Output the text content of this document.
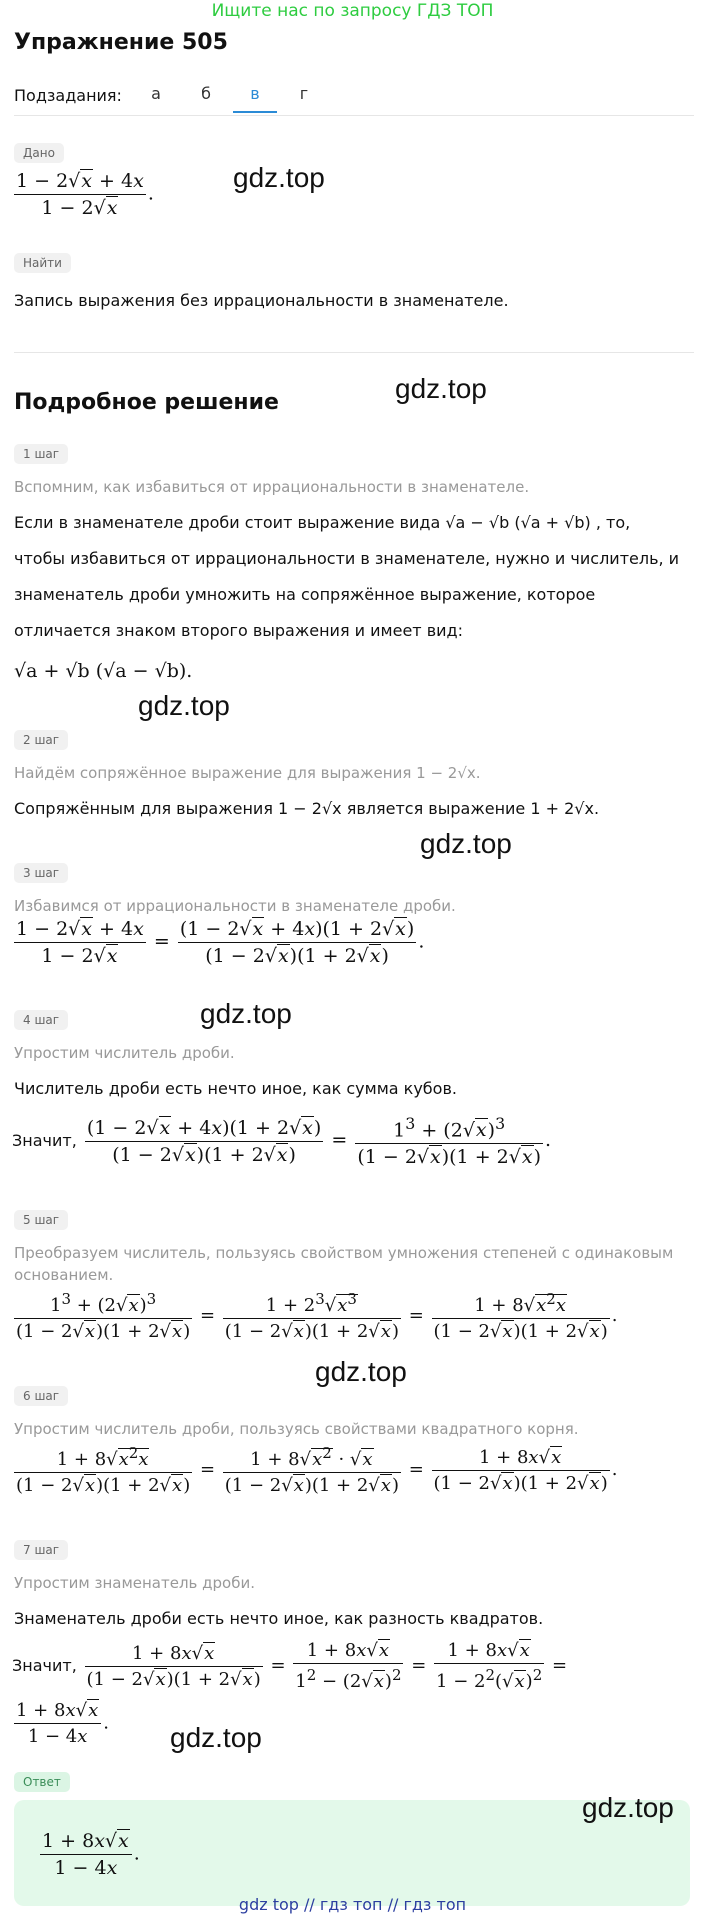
Ищите нас по запросу ГДЗ ТОП
Упражнение 505
Подзадания:	а	б	в	г
Дано
$\frac{1 - 2√x + 4x}{1 - 2√x}$ .
gdz.top
Найти
Запись выражения без иррациональности в знаменателе.
Подробное решение	gdz.top
1 шаг
Вспомним, как избавиться от иррациональности в знаменателе.
Если в знаменателе дроби стоит выражение вида √a − √b (√a + √b) , то,
чтобы избавиться от иррациональности в знаменателе, нужно и числитель, и
знаменатель дроби умножить на сопряжённое выражение, которое
отличается знаком второго выражения и имеет вид:
√a + √b (√a − √b).
gdz.top
2 шаг
Найдём сопряжённое выражение для выражения 1 − 2√x.
Сопряжённым для выражения 1 − 2√x является выражение 1 + 2√x.
gdz.top
3 шаг
Избавимся от иррациональности в знаменателе дроби.
$\frac{1 - 2√x + 4x}{1 - 2√x} = \frac{(1 - 2√x + 4x)(1 + 2√x)}{(1 - 2√x)(1 + 2√x)}$ .
gdz.top
4 шаг
Упростим числитель дроби.
Числитель дроби есть нечто иное, как сумма кубов.
Значит, $\frac{(1 - 2√x + 4x)(1 + 2√x)}{(1 - 2√x)(1 + 2√x)} = \frac{1^3 + (2√x)^3}{(1 - 2√x)(1 + 2√x)}$ .
5 шаг
Преобразуем числитель, пользуясь свойством умножения степеней с одинаковым
основанием.
$\frac{1^3 + (2√x)^3}{(1 - 2√x)(1 + 2√x)} = \frac{1 + 2^3√x^3}{(1 - 2√x)(1 + 2√x)} = \frac{1 + 8√x^2x}{(1 - 2√x)(1 + 2√x)}$ .
gdz.top
6 шаг
Упростим числитель дроби, пользуясь свойствами квадратного корня.
$\frac{1 + 8√x^2x}{(1 - 2√x)(1 + 2√x)} = \frac{1 + 8√x^2 \cdot √x}{(1 - 2√x)(1 + 2√x)} = \frac{1 + 8x√x}{(1 - 2√x)(1 + 2√x)}$ .
7 шаг
Упростим знаменатель дроби.
Знаменатель дроби есть нечто иное, как разность квадратов.
Значит, $\frac{1 + 8x√x}{(1 - 2√x)(1 + 2√x)} = \frac{1 + 8x√x}{1^2 - (2√x)^2} = \frac{1 + 8x√x}{1 - 2^2(√x)^2}$ =
$\frac{1 + 8x√x}{1 - 4x}$ . gdz.top
Ответ
$\frac{1 + 8x√x}{1 - 4x}$ .
gdz.top
gdz top // гдз топ // гдз топ
